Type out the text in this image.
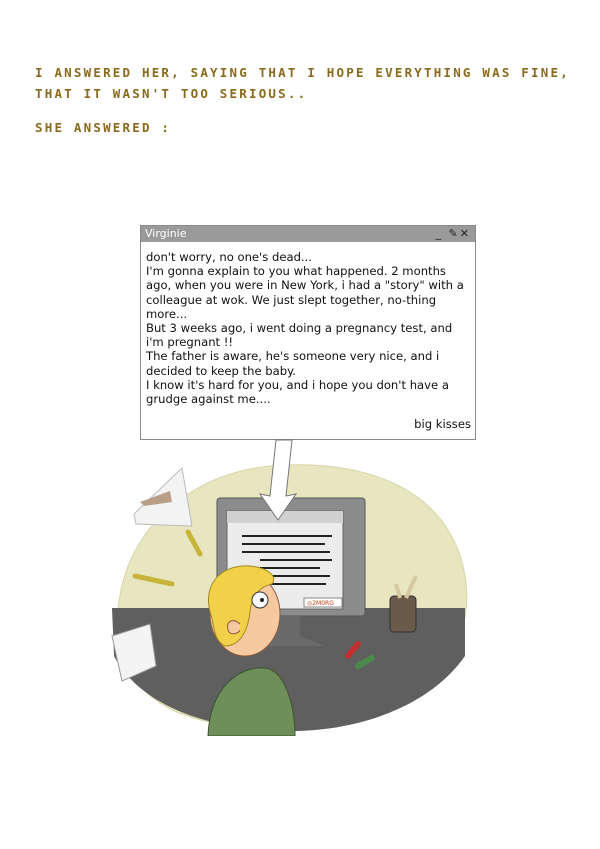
I ANSWERED HER, SAYING THAT I HOPE EVERYTHING WAS FINE, THAT IT WASN'T TOO SERIOUS..
SHE ANSWERED :
Virginie	_ ✎✕

don't worry, no one's dead...

I'm gonna explain to you what happened. 2 months ago, when you were in New York, i had a "story" with a colleague at wok. We just slept together, no-thing more...

But 3 weeks ago, i went doing a pregnancy test, and i'm pregnant !!

The father is aware, he's someone very nice, and i decided to keep the baby.

I know it's hard for you, and i hope you don't have a grudge against me....

big kisses
◎2M0RG
